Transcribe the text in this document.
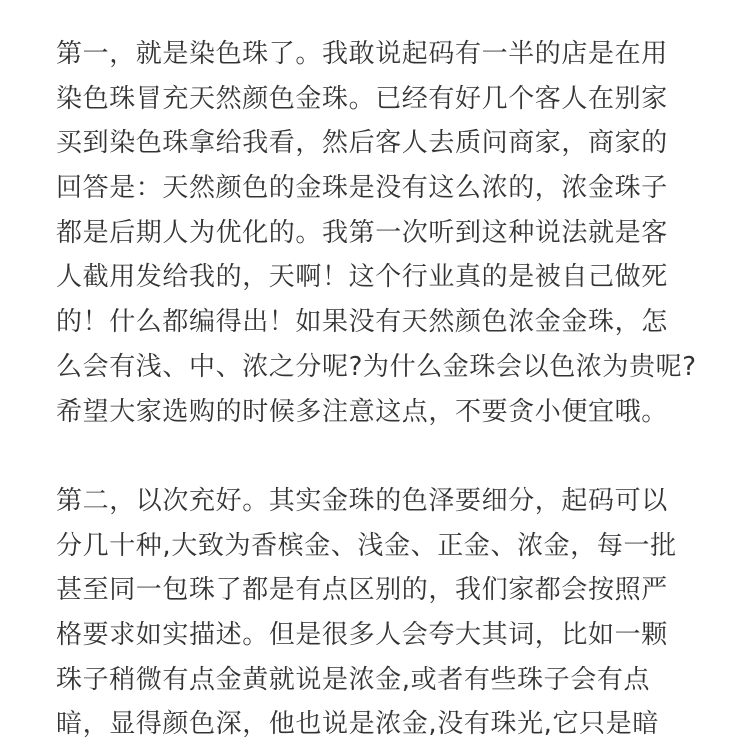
第一，就是染色珠了。我敢说起码有一半的店是在用
染色珠冒充天然颜色金珠。已经有好几个客人在别家
买到染色珠拿给我看，然后客人去质问商家，商家的
回答是：天然颜色的金珠是没有这么浓的，浓金珠子
都是后期人为优化的。我第一次听到这种说法就是客
人截用发给我的，天啊！这个行业真的是被自己做死
的！什么都编得出！如果没有天然颜色浓金金珠，怎
么会有浅、中、浓之分呢?为什么金珠会以色浓为贵呢?
希望大家选购的时候多注意这点，不要贪小便宜哦。
第二，以次充好。其实金珠的色泽要细分，起码可以
分几十种,大致为香槟金、浅金、正金、浓金，每一批
甚至同一包珠了都是有点区别的，我们家都会按照严
格要求如实描述。但是很多人会夸大其词，比如一颗
珠子稍微有点金黄就说是浓金,或者有些珠子会有点
暗，显得颜色深，他也说是浓金,没有珠光,它只是暗
